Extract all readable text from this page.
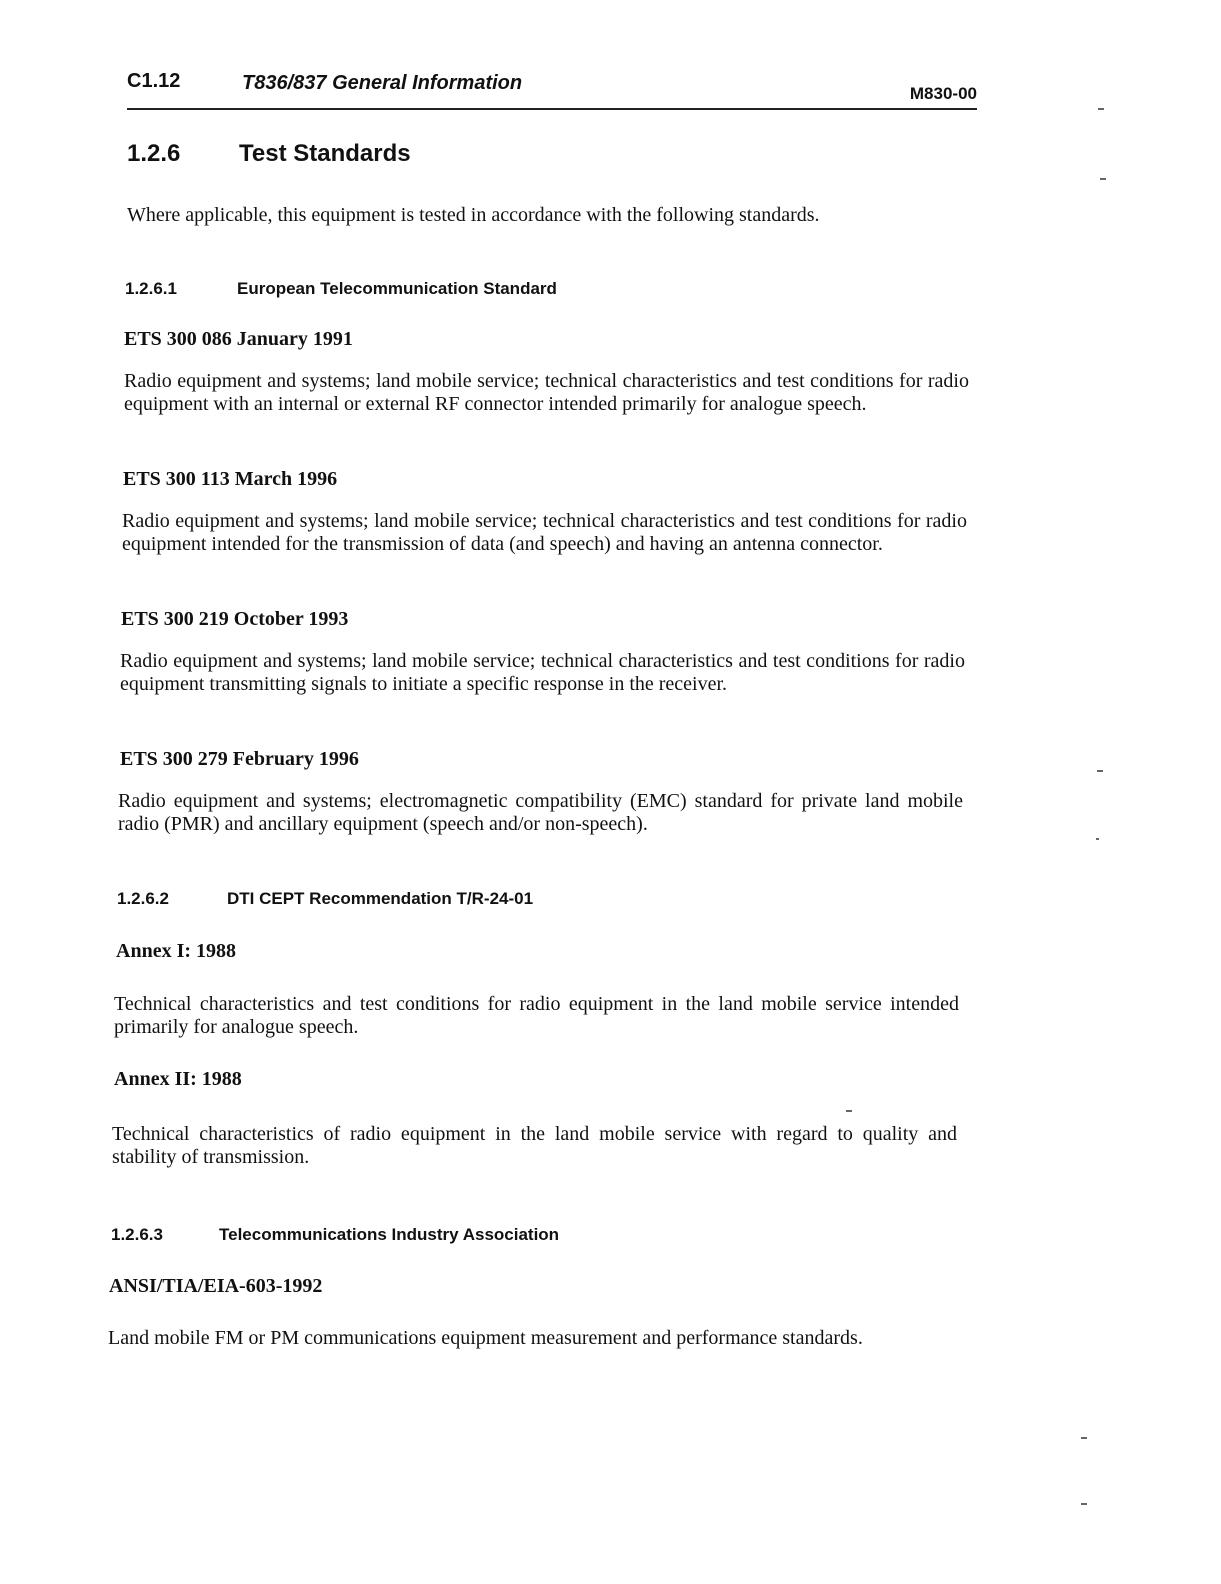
C1.12	T836/837 General Information	M830-00
1.2.6 Test Standards
Where applicable, this equipment is tested in accordance with the following standards.
1.2.6.1	European Telecommunication Standard
ETS 300 086 January 1991
Radio equipment and systems; land mobile service; technical characteristics and test conditions for radio equipment with an internal or external RF connector intended primarily for analogue speech.
ETS 300 113 March 1996
Radio equipment and systems; land mobile service; technical characteristics and test conditions for radio equipment intended for the transmission of data (and speech) and having an antenna connector.
ETS 300 219 October 1993
Radio equipment and systems; land mobile service; technical characteristics and test conditions for radio equipment transmitting signals to initiate a specific response in the receiver.
ETS 300 279 February 1996
Radio equipment and systems; electromagnetic compatibility (EMC) standard for private land mobile radio (PMR) and ancillary equipment (speech and/or non-speech).
1.2.6.2	DTI CEPT Recommendation T/R-24-01
Annex I: 1988
Technical characteristics and test conditions for radio equipment in the land mobile service intended primarily for analogue speech.
Annex II: 1988
Technical characteristics of radio equipment in the land mobile service with regard to quality and stability of transmission.
1.2.6.3	Telecommunications Industry Association
ANSI/TIA/EIA-603-1992
Land mobile FM or PM communications equipment measurement and performance standards.
